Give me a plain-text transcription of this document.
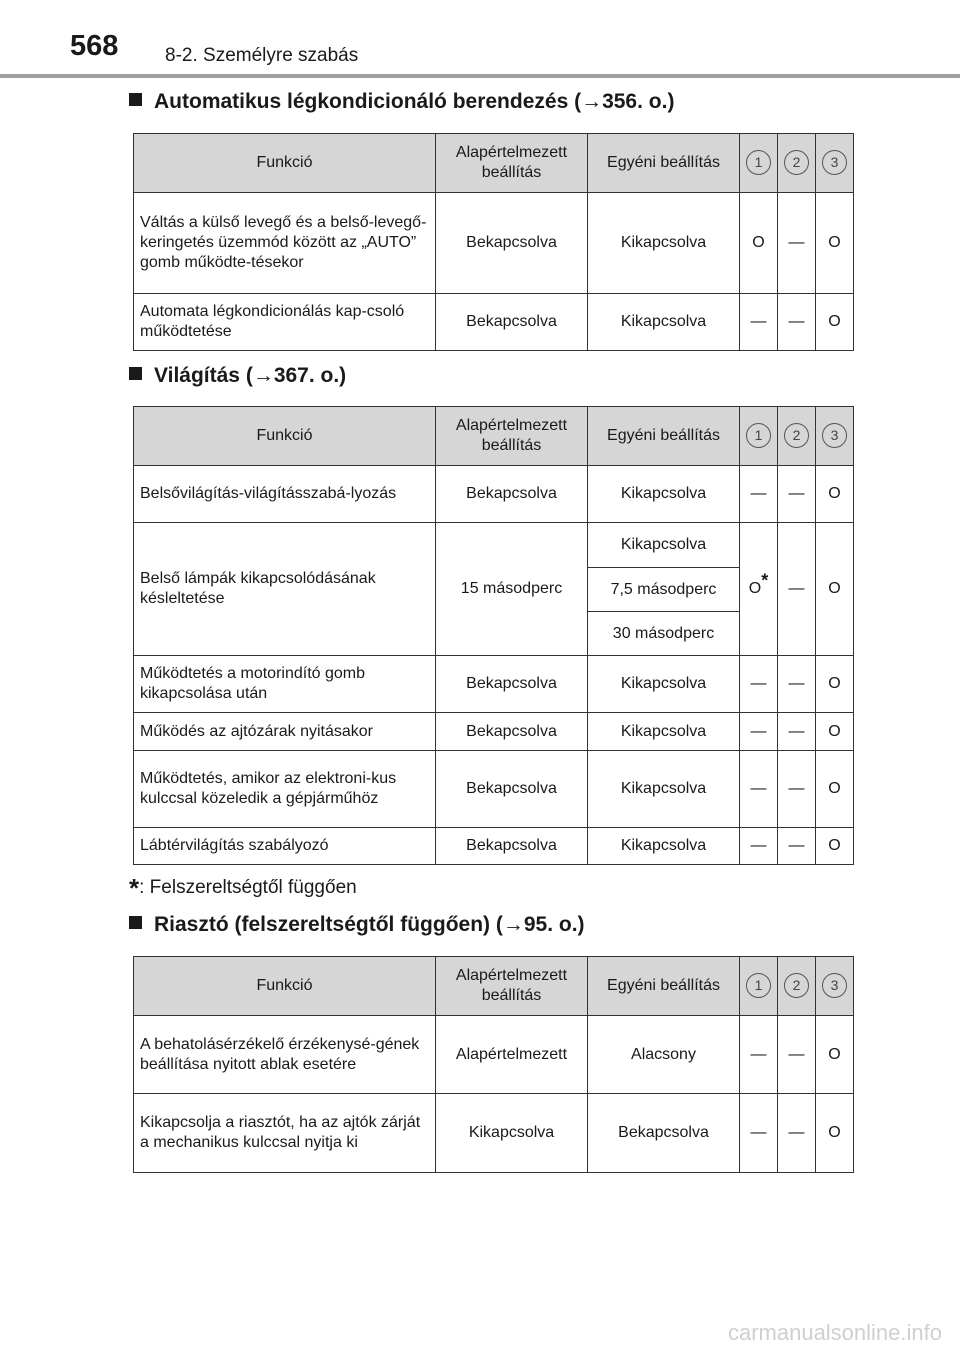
568 8-2. Személyre szabás
Automatikus légkondicionáló berendezés (→356. o.)
Funkció	Alapértelmezett beállítás	Egyéni beállítás	1	2	3
Váltás a külső levegő és a belső-levegő-keringetés üzemmód között az „AUTO” gomb működte-tésekor	Bekapcsolva	Kikapcsolva	O	—	O
Automata légkondicionálás kap-csoló működtetése	Bekapcsolva	Kikapcsolva	—	—	O
Világítás (→367. o.)
Funkció	Alapértelmezett beállítás	Egyéni beállítás	1	2	3
Belsővilágítás-világításszabá-lyozás	Bekapcsolva	Kikapcsolva	—	—	O
Belső lámpák kikapcsolódásának késleltetése	15 másodperc	Kikapcsolva	O*	—	O
		7,5 másodperc			
		30 másodperc			
Működtetés a motorindító gomb kikapcsolása után	Bekapcsolva	Kikapcsolva	—	—	O
Működés az ajtózárak nyitásakor	Bekapcsolva	Kikapcsolva	—	—	O
Működtetés, amikor az elektroni-kus kulccsal közeledik a gépjárműhöz	Bekapcsolva	Kikapcsolva	—	—	O
Lábtérvilágítás szabályozó	Bekapcsolva	Kikapcsolva	—	—	O
*: Felszereltségtől függően
Riasztó (felszereltségtől függően) (→95. o.)
Funkció	Alapértelmezett beállítás	Egyéni beállítás	1	2	3
A behatolásérzékelő érzékenysé-gének beállítása nyitott ablak esetére	Alapértelmezett	Alacsony	—	—	O
Kikapcsolja a riasztót, ha az ajtók zárját a mechanikus kulccsal nyitja ki	Kikapcsolva	Bekapcsolva	—	—	O
carmanualsonline.info
